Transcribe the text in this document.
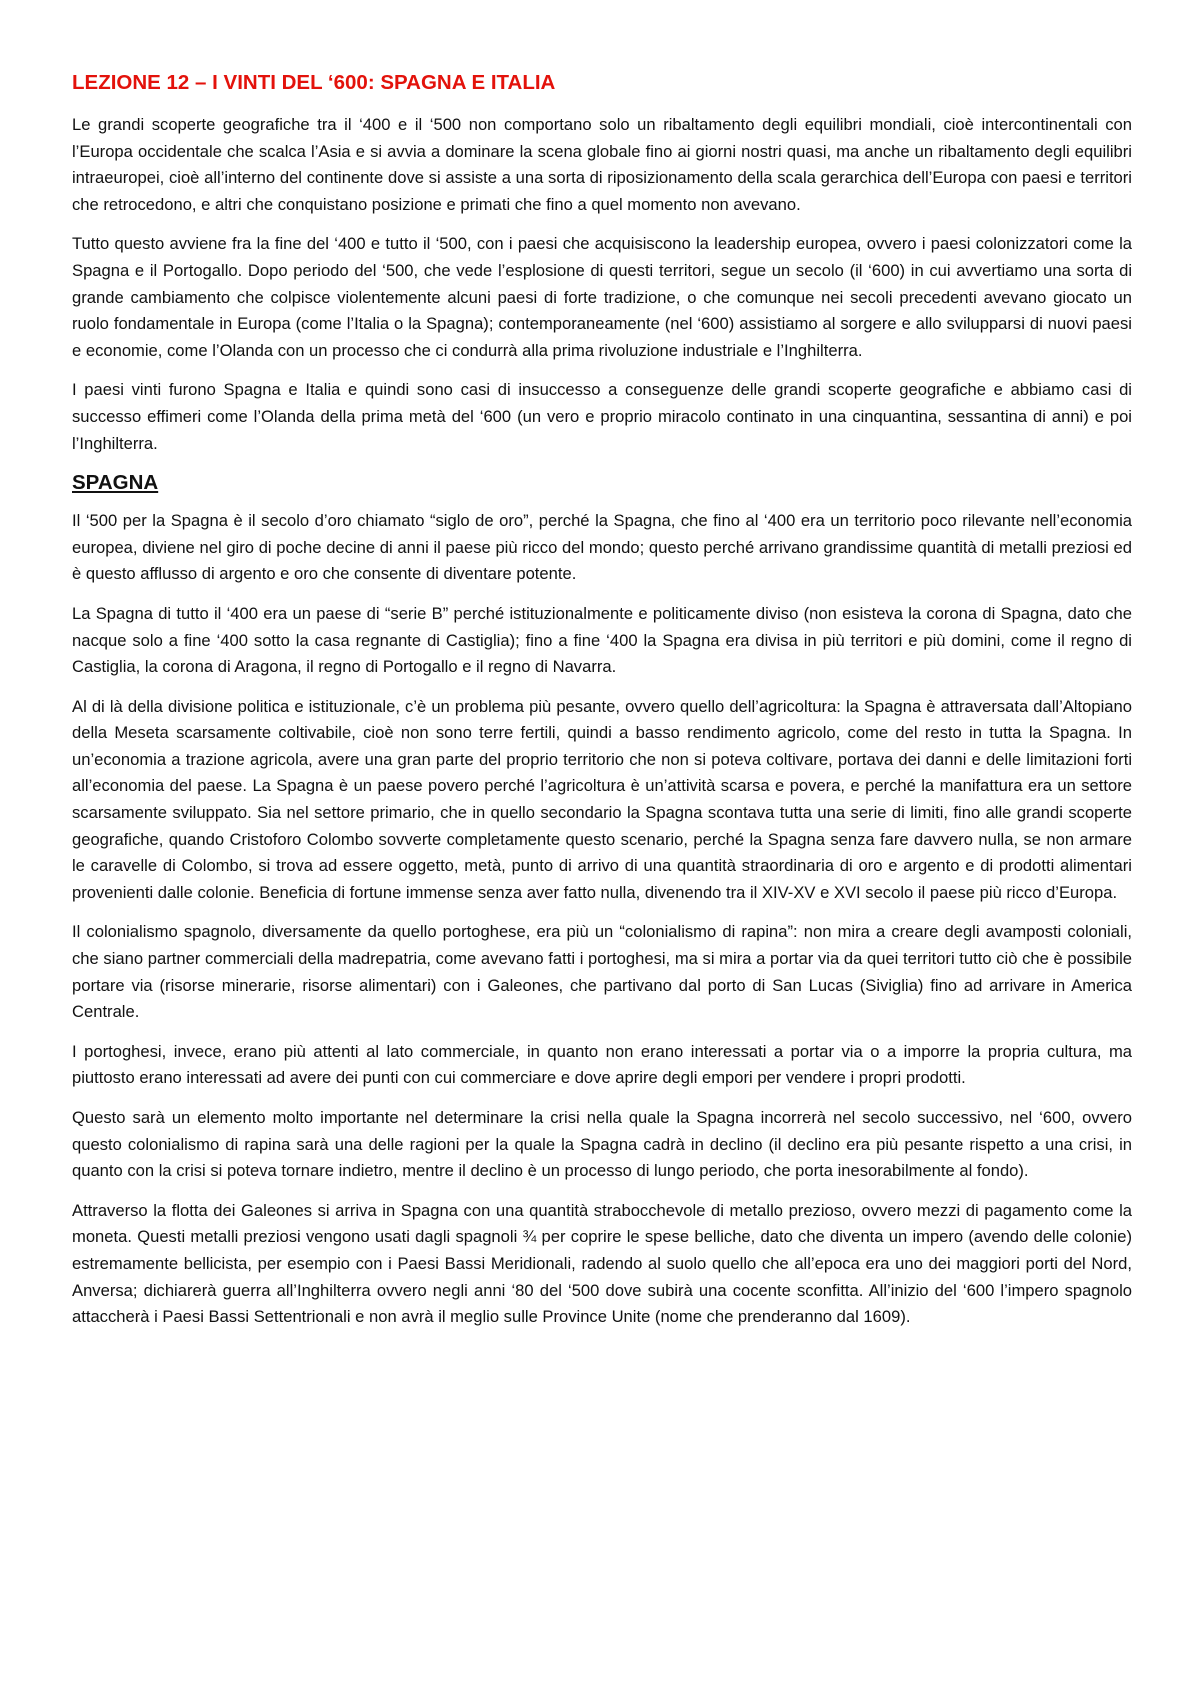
LEZIONE 12 – I VINTI DEL ‘600: SPAGNA E ITALIA

Le grandi scoperte geografiche tra il ‘400 e il ‘500 non comportano solo un ribaltamento degli equilibri mondiali, cioè intercontinentali con l’Europa occidentale che scalca l’Asia e si avvia a dominare la scena globale fino ai giorni nostri quasi, ma anche un ribaltamento degli equilibri intraeuropei, cioè all’interno del continente dove si assiste a una sorta di riposizionamento della scala gerarchica dell’Europa con paesi e territori che retrocedono, e altri che conquistano posizione e primati che fino a quel momento non avevano.

Tutto questo avviene fra la fine del ‘400 e tutto il ‘500, con i paesi che acquisiscono la leadership europea, ovvero i paesi colonizzatori come la Spagna e il Portogallo. Dopo periodo del ‘500, che vede l’esplosione di questi territori, segue un secolo (il ‘600) in cui avvertiamo una sorta di grande cambiamento che colpisce violentemente alcuni paesi di forte tradizione, o che comunque nei secoli precedenti avevano giocato un ruolo fondamentale in Europa (come l’Italia o la Spagna); contemporaneamente (nel ‘600) assistiamo al sorgere e allo svilupparsi di nuovi paesi e economie, come l’Olanda con un processo che ci condurrà alla prima rivoluzione industriale e l’Inghilterra.

I paesi vinti furono Spagna e Italia e quindi sono casi di insuccesso a conseguenze delle grandi scoperte geografiche e abbiamo casi di successo effimeri come l’Olanda della prima metà del ‘600 (un vero e proprio miracolo continato in una cinquantina, sessantina di anni) e poi l’Inghilterra.

SPAGNA

Il ‘500 per la Spagna è il secolo d’oro chiamato “siglo de oro”, perché la Spagna, che fino al ‘400 era un territorio poco rilevante nell’economia europea, diviene nel giro di poche decine di anni il paese più ricco del mondo; questo perché arrivano grandissime quantità di metalli preziosi ed è questo afflusso di argento e oro che consente di diventare potente.

La Spagna di tutto il ‘400 era un paese di “serie B” perché istituzionalmente e politicamente diviso (non esisteva la corona di Spagna, dato che nacque solo a fine ‘400 sotto la casa regnante di Castiglia); fino a fine ‘400 la Spagna era divisa in più territori e più domini, come il regno di Castiglia, la corona di Aragona, il regno di Portogallo e il regno di Navarra.

Al di là della divisione politica e istituzionale, c’è un problema più pesante, ovvero quello dell’agricoltura: la Spagna è attraversata dall’Altopiano della Meseta scarsamente coltivabile, cioè non sono terre fertili, quindi a basso rendimento agricolo, come del resto in tutta la Spagna. In un’economia a trazione agricola, avere una gran parte del proprio territorio che non si poteva coltivare, portava dei danni e delle limitazioni forti all’economia del paese. La Spagna è un paese povero perché l’agricoltura è un’attività scarsa e povera, e perché la manifattura era un settore scarsamente sviluppato. Sia nel settore primario, che in quello secondario la Spagna scontava tutta una serie di limiti, fino alle grandi scoperte geografiche, quando Cristoforo Colombo sovverte completamente questo scenario, perché la Spagna senza fare davvero nulla, se non armare le caravelle di Colombo, si trova ad essere oggetto, metà, punto di arrivo di una quantità straordinaria di oro e argento e di prodotti alimentari provenienti dalle colonie. Beneficia di fortune immense senza aver fatto nulla, divenendo tra il XIV-XV e XVI secolo il paese più ricco d’Europa.

Il colonialismo spagnolo, diversamente da quello portoghese, era più un “colonialismo di rapina”: non mira a creare degli avamposti coloniali, che siano partner commerciali della madrepatria, come avevano fatti i portoghesi, ma si mira a portar via da quei territori tutto ciò che è possibile portare via (risorse minerarie, risorse alimentari) con i Galeones, che partivano dal porto di San Lucas (Siviglia) fino ad arrivare in America Centrale.

I portoghesi, invece, erano più attenti al lato commerciale, in quanto non erano interessati a portar via o a imporre la propria cultura, ma piuttosto erano interessati ad avere dei punti con cui commerciare e dove aprire degli empori per vendere i propri prodotti.

Questo sarà un elemento molto importante nel determinare la crisi nella quale la Spagna incorrerà nel secolo successivo, nel ‘600, ovvero questo colonialismo di rapina sarà una delle ragioni per la quale la Spagna cadrà in declino (il declino era più pesante rispetto a una crisi, in quanto con la crisi si poteva tornare indietro, mentre il declino è un processo di lungo periodo, che porta inesorabilmente al fondo).

Attraverso la flotta dei Galeones si arriva in Spagna con una quantità strabocchevole di metallo prezioso, ovvero mezzi di pagamento come la moneta. Questi metalli preziosi vengono usati dagli spagnoli ¾ per coprire le spese belliche, dato che diventa un impero (avendo delle colonie) estremamente bellicista, per esempio con i Paesi Bassi Meridionali, radendo al suolo quello che all’epoca era uno dei maggiori porti del Nord, Anversa; dichiarerà guerra all’Inghilterra ovvero negli anni ‘80 del ‘500 dove subirà una cocente sconfitta. All’inizio del ‘600 l’impero spagnolo attaccherà i Paesi Bassi Settentrionali e non avrà il meglio sulle Province Unite (nome che prenderanno dal 1609).
